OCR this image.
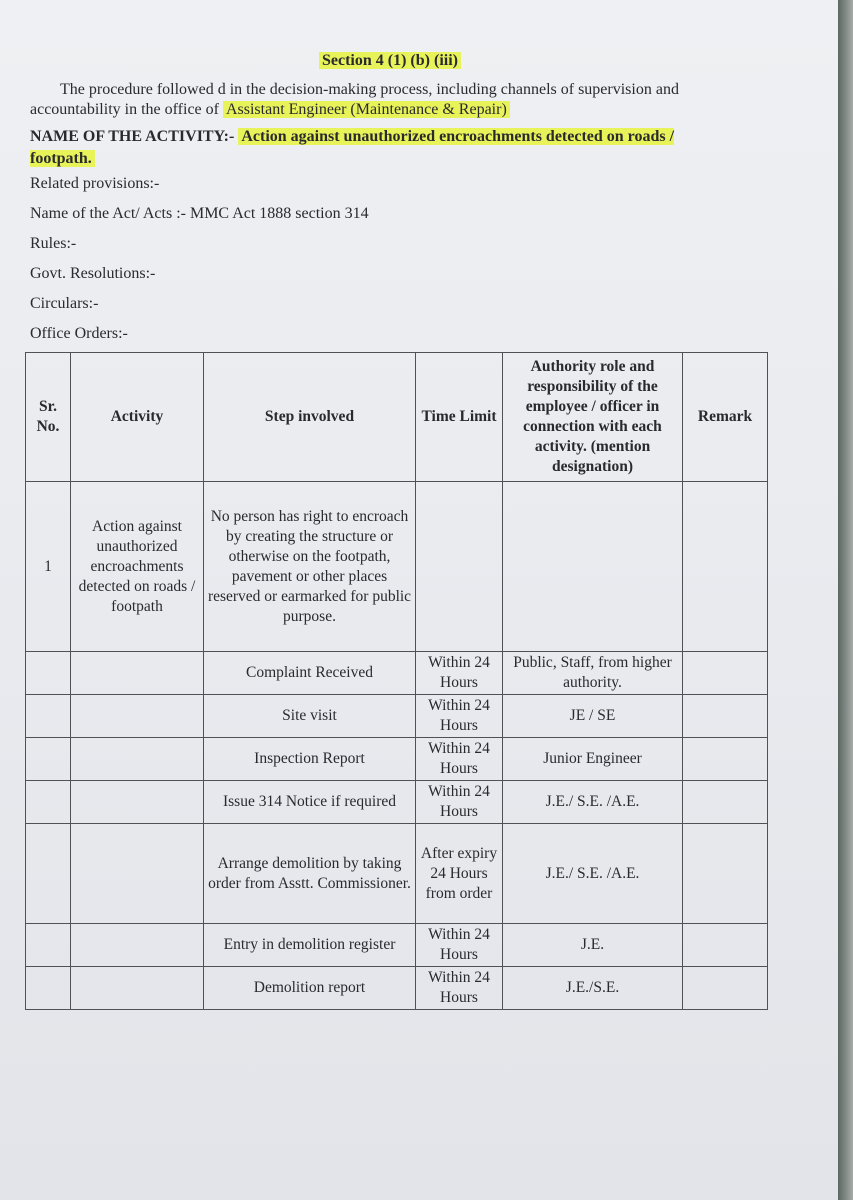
Section 4 (1) (b) (iii)
The procedure followed d in the decision-making process, including channels of supervision and accountability in the office of Assistant Engineer (Maintenance & Repair)
NAME OF THE ACTIVITY:- Action against unauthorized encroachments detected on roads / footpath.
Related provisions:-
Name of the Act/ Acts :- MMC Act 1888 section 314
Rules:-
Govt. Resolutions:-
Circulars:-
Office Orders:-
Sr. No.	Activity	Step involved	Time Limit	Authority role and responsibility of the employee / officer in connection with each activity. (mention designation)	Remark
1	Action against unauthorized encroachments detected on roads / footpath	No person has right to encroach by creating the structure or otherwise on the footpath, pavement or other places reserved or earmarked for public purpose.			
		Complaint Received	Within 24 Hours	Public, Staff, from higher authority.	
		Site visit	Within 24 Hours	JE / SE	
		Inspection Report	Within 24 Hours	Junior Engineer	
		Issue 314 Notice if required	Within 24 Hours	J.E./ S.E. /A.E.	
		Arrange demolition by taking order from Asstt. Commissioner.	After expiry 24 Hours from order	J.E./ S.E. /A.E.	
		Entry in demolition register	Within 24 Hours	J.E.	
		Demolition report	Within 24 Hours	J.E./S.E.	
